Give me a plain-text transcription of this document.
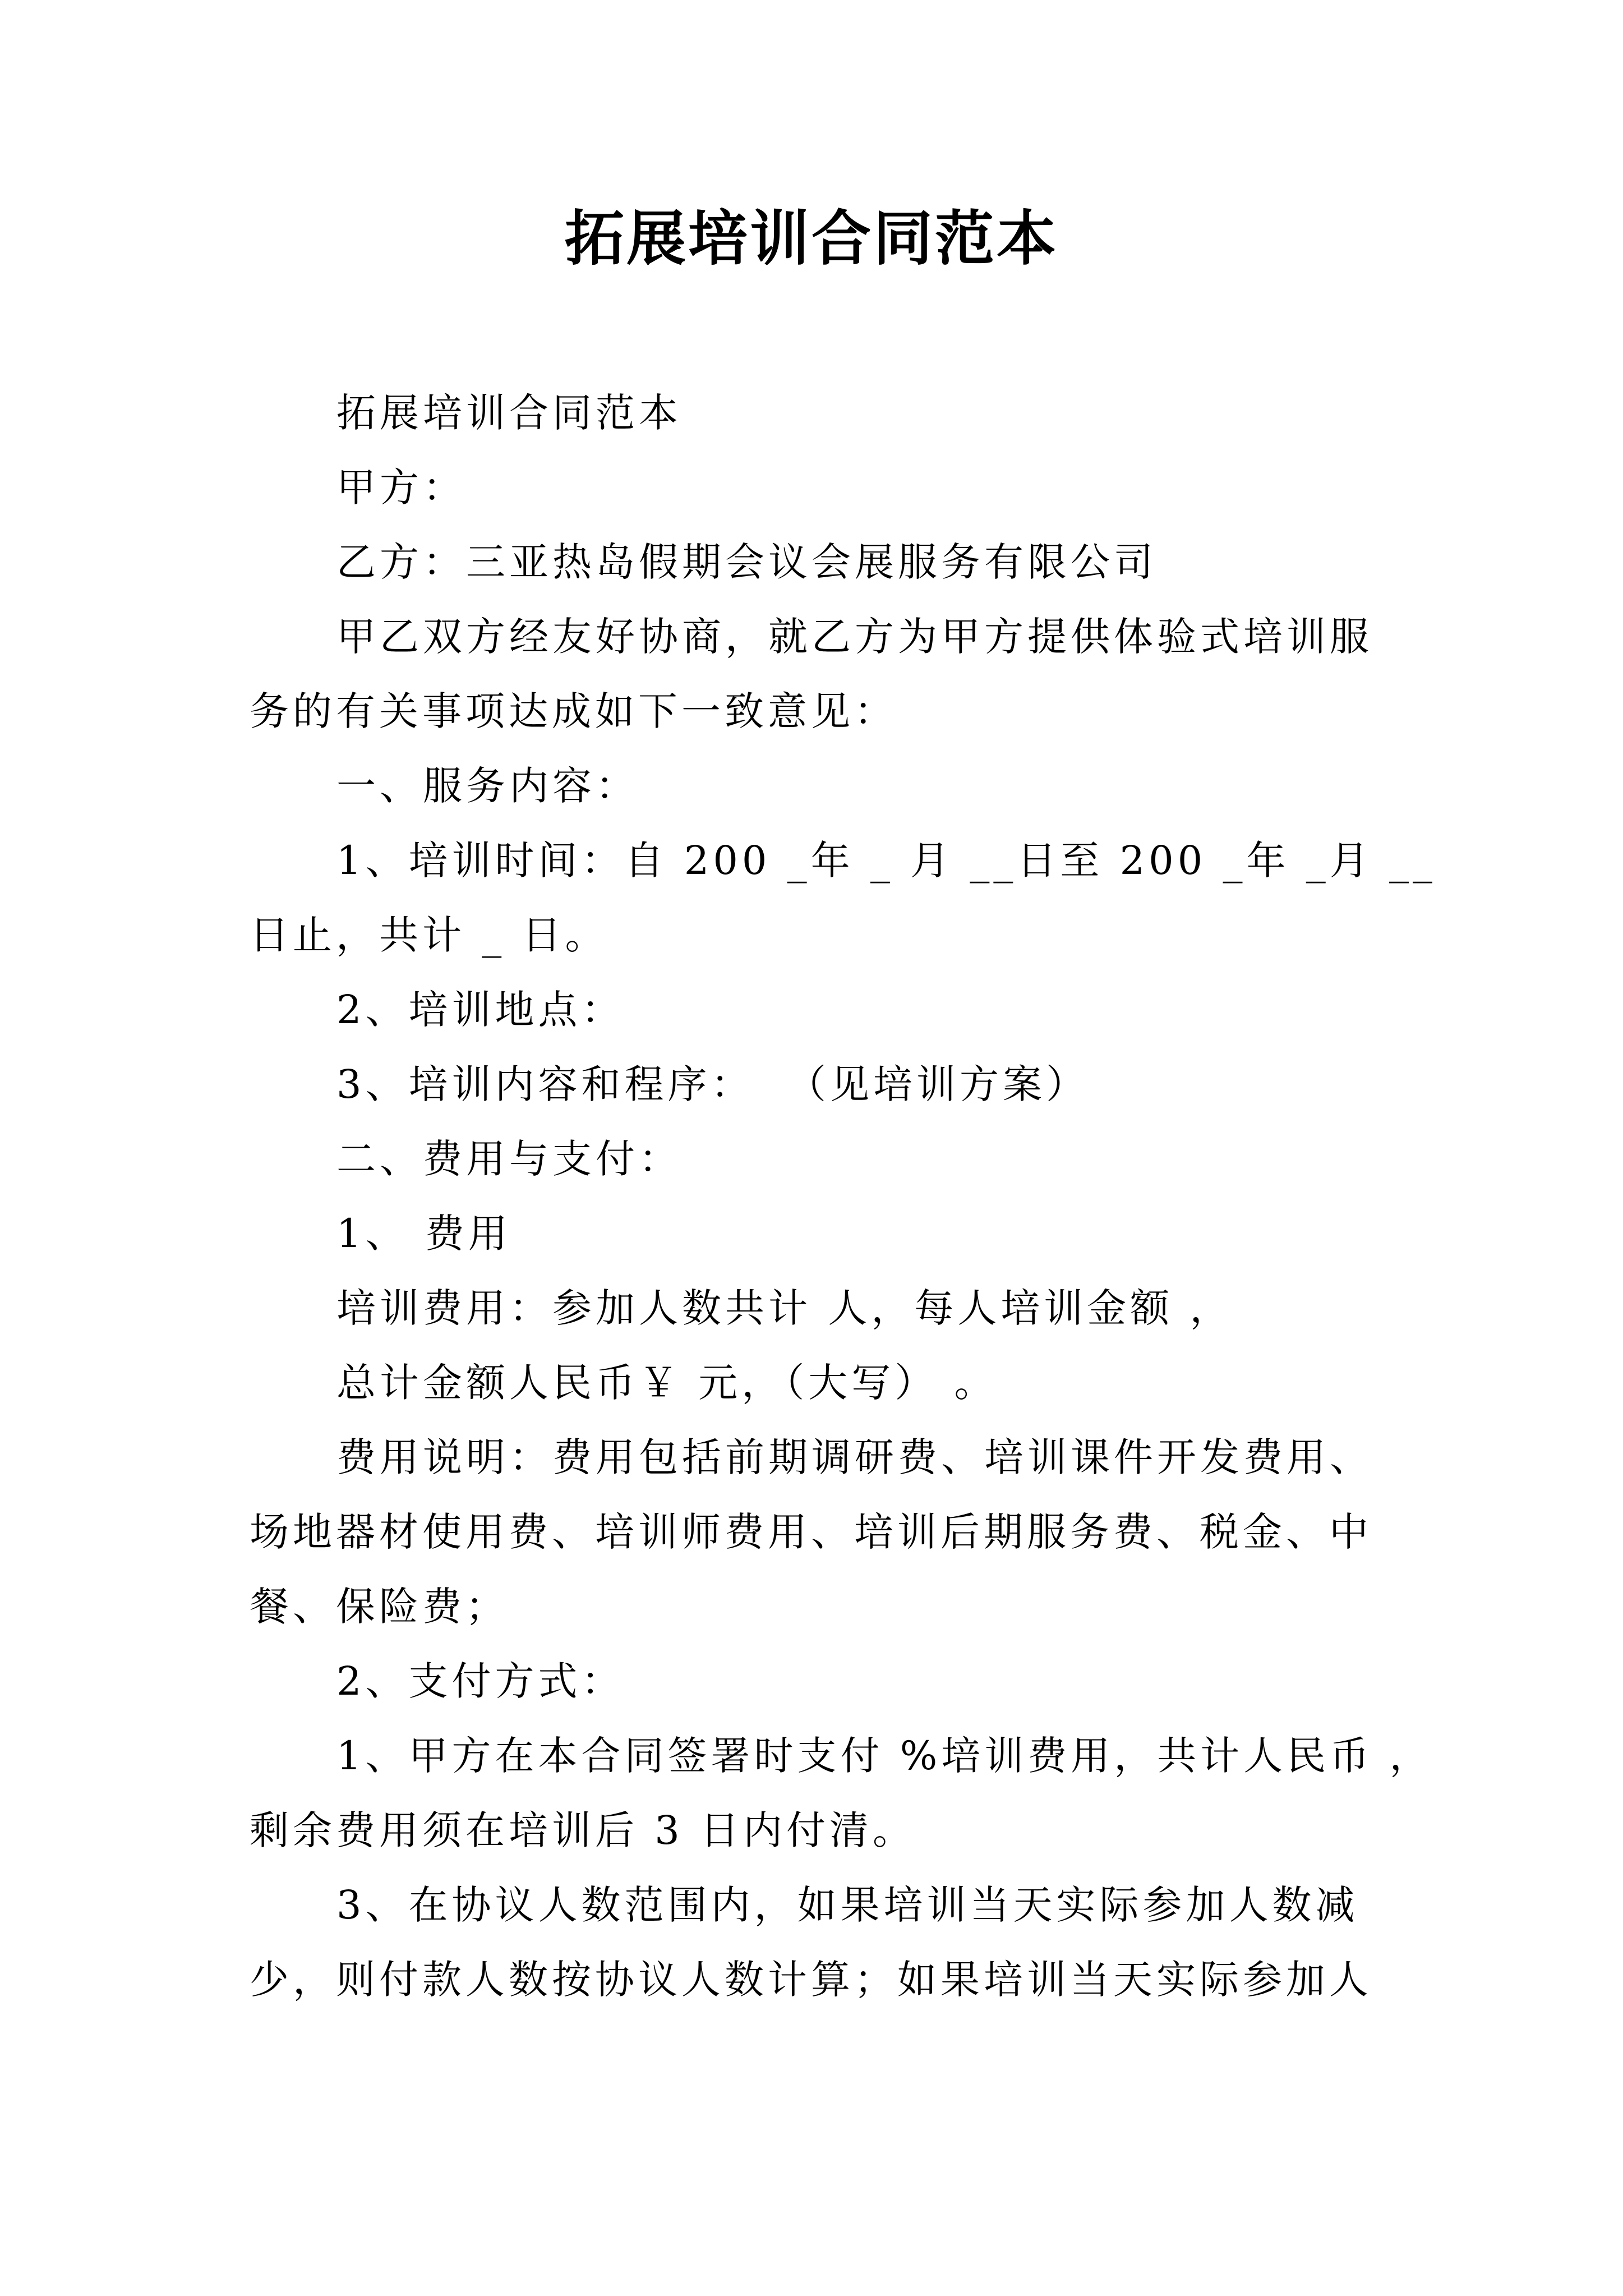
拓展培训合同范本
拓展培训合同范本
甲方：
乙方：三亚热岛假期会议会展服务有限公司
甲乙双方经友好协商，就乙方为甲方提供体验式培训服
务的有关事项达成如下一致意见：
一、服务内容：
1、培训时间：自 200 _年 _ 月 __日至 200 _年 _月 __
日止，共计 _ 日。
2、培训地点：
3、培训内容和程序：  （见培训方案）
二、费用与支付：
1、 费用
培训费用：参加人数共计 人，每人培训金额 ，
总计金额人民币￥ 元，（大写） 。
费用说明：费用包括前期调研费、培训课件开发费用、
场地器材使用费、培训师费用、培训后期服务费、税金、中
餐、保险费；
2、支付方式：
1、甲方在本合同签署时支付 %培训费用，共计人民币 ，
剩余费用须在培训后 3 日内付清。
3、在协议人数范围内，如果培训当天实际参加人数减
少，则付款人数按协议人数计算；如果培训当天实际参加人
